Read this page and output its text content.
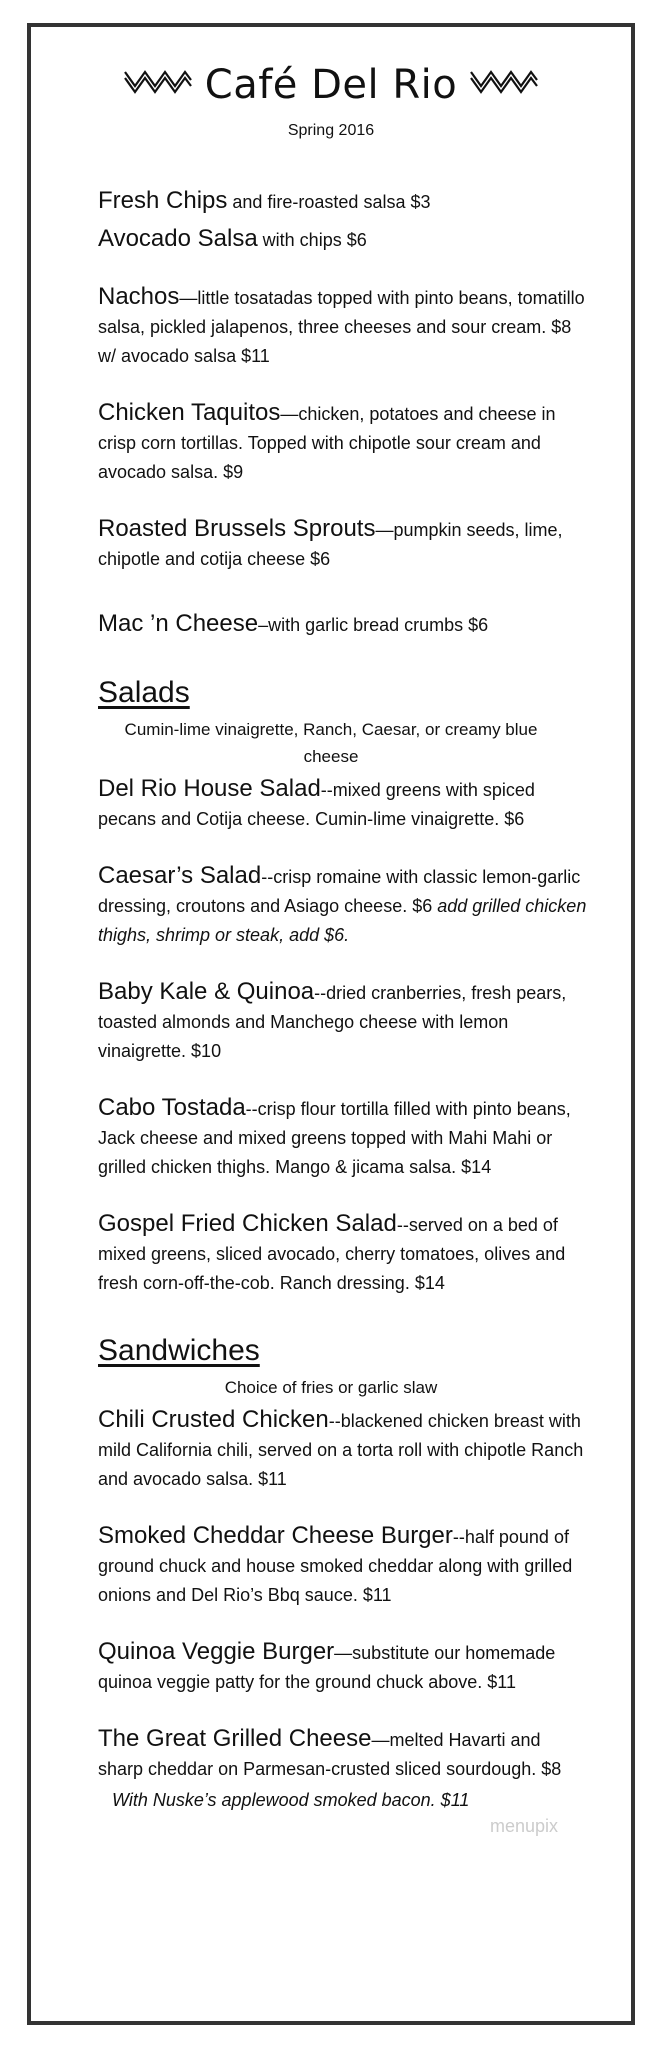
Café Del Rio
Spring 2016
Fresh Chips and fire-roasted salsa $3
Avocado Salsa with chips $6
Nachos—little tosatadas topped with pinto beans, tomatillo salsa, pickled jalapenos, three cheeses and sour cream. $8 w/ avocado salsa $11
Chicken Taquitos—chicken, potatoes and cheese in crisp corn tortillas. Topped with chipotle sour cream and avocado salsa. $9
Roasted Brussels Sprouts—pumpkin seeds, lime, chipotle and cotija cheese $6
Mac ’n Cheese–with garlic bread crumbs $6
Salads
Cumin-lime vinaigrette, Ranch, Caesar, or creamy blue cheese
Del Rio House Salad--mixed greens with spiced pecans and Cotija cheese. Cumin-lime vinaigrette. $6
Caesar’s Salad--crisp romaine with classic lemon-garlic dressing, croutons and Asiago cheese. $6 add grilled chicken thighs, shrimp or steak, add $6.
Baby Kale & Quinoa--dried cranberries, fresh pears, toasted almonds and Manchego cheese with lemon vinaigrette. $10
Cabo Tostada--crisp flour tortilla filled with pinto beans, Jack cheese and mixed greens topped with Mahi Mahi or grilled chicken thighs. Mango & jicama salsa. $14
Gospel Fried Chicken Salad--served on a bed of mixed greens, sliced avocado, cherry tomatoes, olives and fresh corn-off-the-cob. Ranch dressing. $14
Sandwiches
Choice of fries or garlic slaw
Chili Crusted Chicken--blackened chicken breast with mild California chili, served on a torta roll with chipotle Ranch and avocado salsa. $11
Smoked Cheddar Cheese Burger--half pound of ground chuck and house smoked cheddar along with grilled onions and Del Rio’s Bbq sauce. $11
Quinoa Veggie Burger—substitute our homemade quinoa veggie patty for the ground chuck above. $11
The Great Grilled Cheese—melted Havarti and sharp cheddar on Parmesan-crusted sliced sourdough. $8
With Nuske’s applewood smoked bacon. $11
menupix
